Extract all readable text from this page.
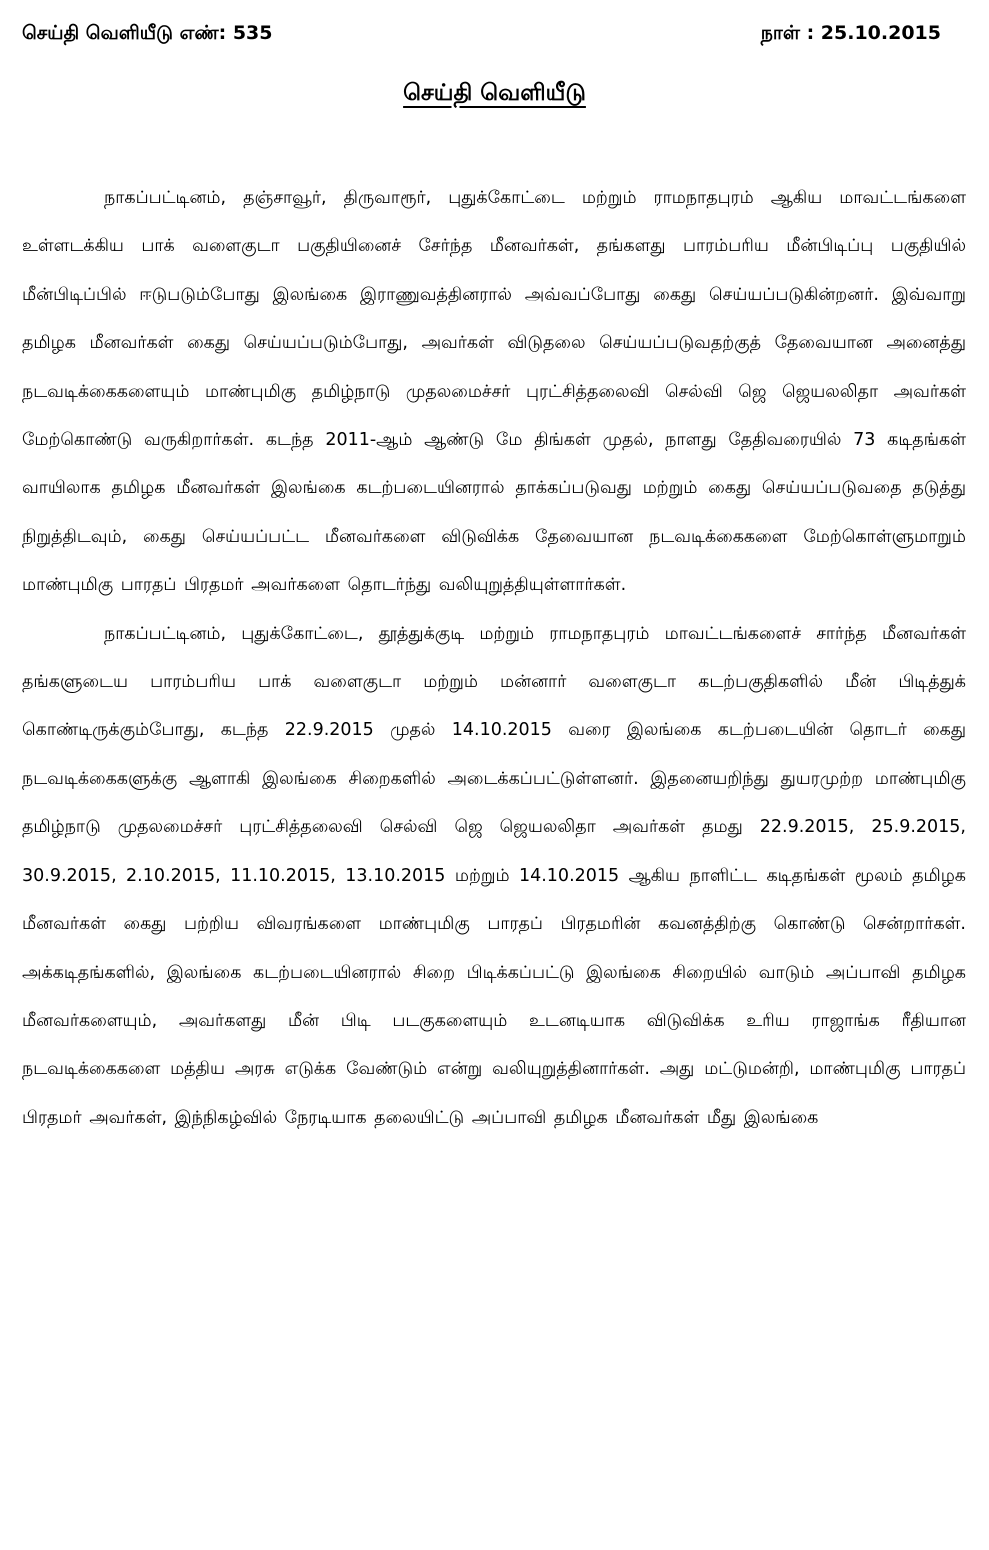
செய்தி வெளியீடு எண்: 535	நாள் : 25.10.2015
செய்தி வெளியீடு

நாகப்பட்டினம், தஞ்சாவூர், திருவாரூர், புதுக்கோட்டை மற்றும் ராமநாதபுரம் ஆகிய மாவட்டங்களை உள்ளடக்கிய பாக் வளைகுடா பகுதியினைச் சேர்ந்த மீனவர்கள், தங்களது பாரம்பரிய மீன்பிடிப்பு பகுதியில் மீன்பிடிப்பில் ஈடுபடும்போது இலங்கை இராணுவத்தினரால் அவ்வப்போது கைது செய்யப்படுகின்றனர். இவ்வாறு தமிழக மீனவர்கள் கைது செய்யப்படும்போது, அவர்கள் விடுதலை செய்யப்படுவதற்குத் தேவையான அனைத்து நடவடிக்கைகளையும் மாண்புமிகு தமிழ்நாடு முதலமைச்சர் புரட்சித்தலைவி செல்வி ஜெ ஜெயலலிதா அவர்கள் மேற்கொண்டு வருகிறார்கள். கடந்த 2011-ஆம் ஆண்டு மே திங்கள் முதல், நாளது தேதிவரையில் 73 கடிதங்கள் வாயிலாக தமிழக மீனவர்கள் இலங்கை கடற்படையினரால் தாக்கப்படுவது மற்றும் கைது செய்யப்படுவதை தடுத்து நிறுத்திடவும், கைது செய்யப்பட்ட மீனவர்களை விடுவிக்க தேவையான நடவடிக்கைகளை மேற்கொள்ளுமாறும் மாண்புமிகு பாரதப் பிரதமர் அவர்களை தொடர்ந்து வலியுறுத்தியுள்ளார்கள்.

நாகப்பட்டினம், புதுக்கோட்டை, தூத்துக்குடி மற்றும் ராமநாதபுரம் மாவட்டங்களைச் சார்ந்த மீனவர்கள் தங்களுடைய பாரம்பரிய பாக் வளைகுடா மற்றும் மன்னார் வளைகுடா கடற்பகுதிகளில் மீன் பிடித்துக் கொண்டிருக்கும்போது, கடந்த 22.9.2015 முதல் 14.10.2015 வரை இலங்கை கடற்படையின் தொடர் கைது நடவடிக்கைகளுக்கு ஆளாகி இலங்கை சிறைகளில் அடைக்கப்பட்டுள்ளனர். இதனையறிந்து துயரமுற்ற மாண்புமிகு தமிழ்நாடு முதலமைச்சர் புரட்சித்தலைவி செல்வி ஜெ ஜெயலலிதா அவர்கள் தமது 22.9.2015, 25.9.2015, 30.9.2015, 2.10.2015, 11.10.2015, 13.10.2015 மற்றும் 14.10.2015 ஆகிய நாளிட்ட கடிதங்கள் மூலம் தமிழக மீனவர்கள் கைது பற்றிய விவரங்களை மாண்புமிகு பாரதப் பிரதமரின் கவனத்திற்கு கொண்டு சென்றார்கள். அக்கடிதங்களில், இலங்கை கடற்படையினரால் சிறை பிடிக்கப்பட்டு இலங்கை சிறையில் வாடும் அப்பாவி தமிழக மீனவர்களையும், அவர்களது மீன் பிடி படகுகளையும் உடனடியாக விடுவிக்க உரிய ராஜாங்க ரீதியான நடவடிக்கைகளை மத்திய அரசு எடுக்க வேண்டும் என்று வலியுறுத்தினார்கள். அது மட்டுமன்றி, மாண்புமிகு பாரதப் பிரதமர் அவர்கள், இந்நிகழ்வில் நேரடியாக தலையிட்டு அப்பாவி தமிழக மீனவர்கள் மீது இலங்கை
